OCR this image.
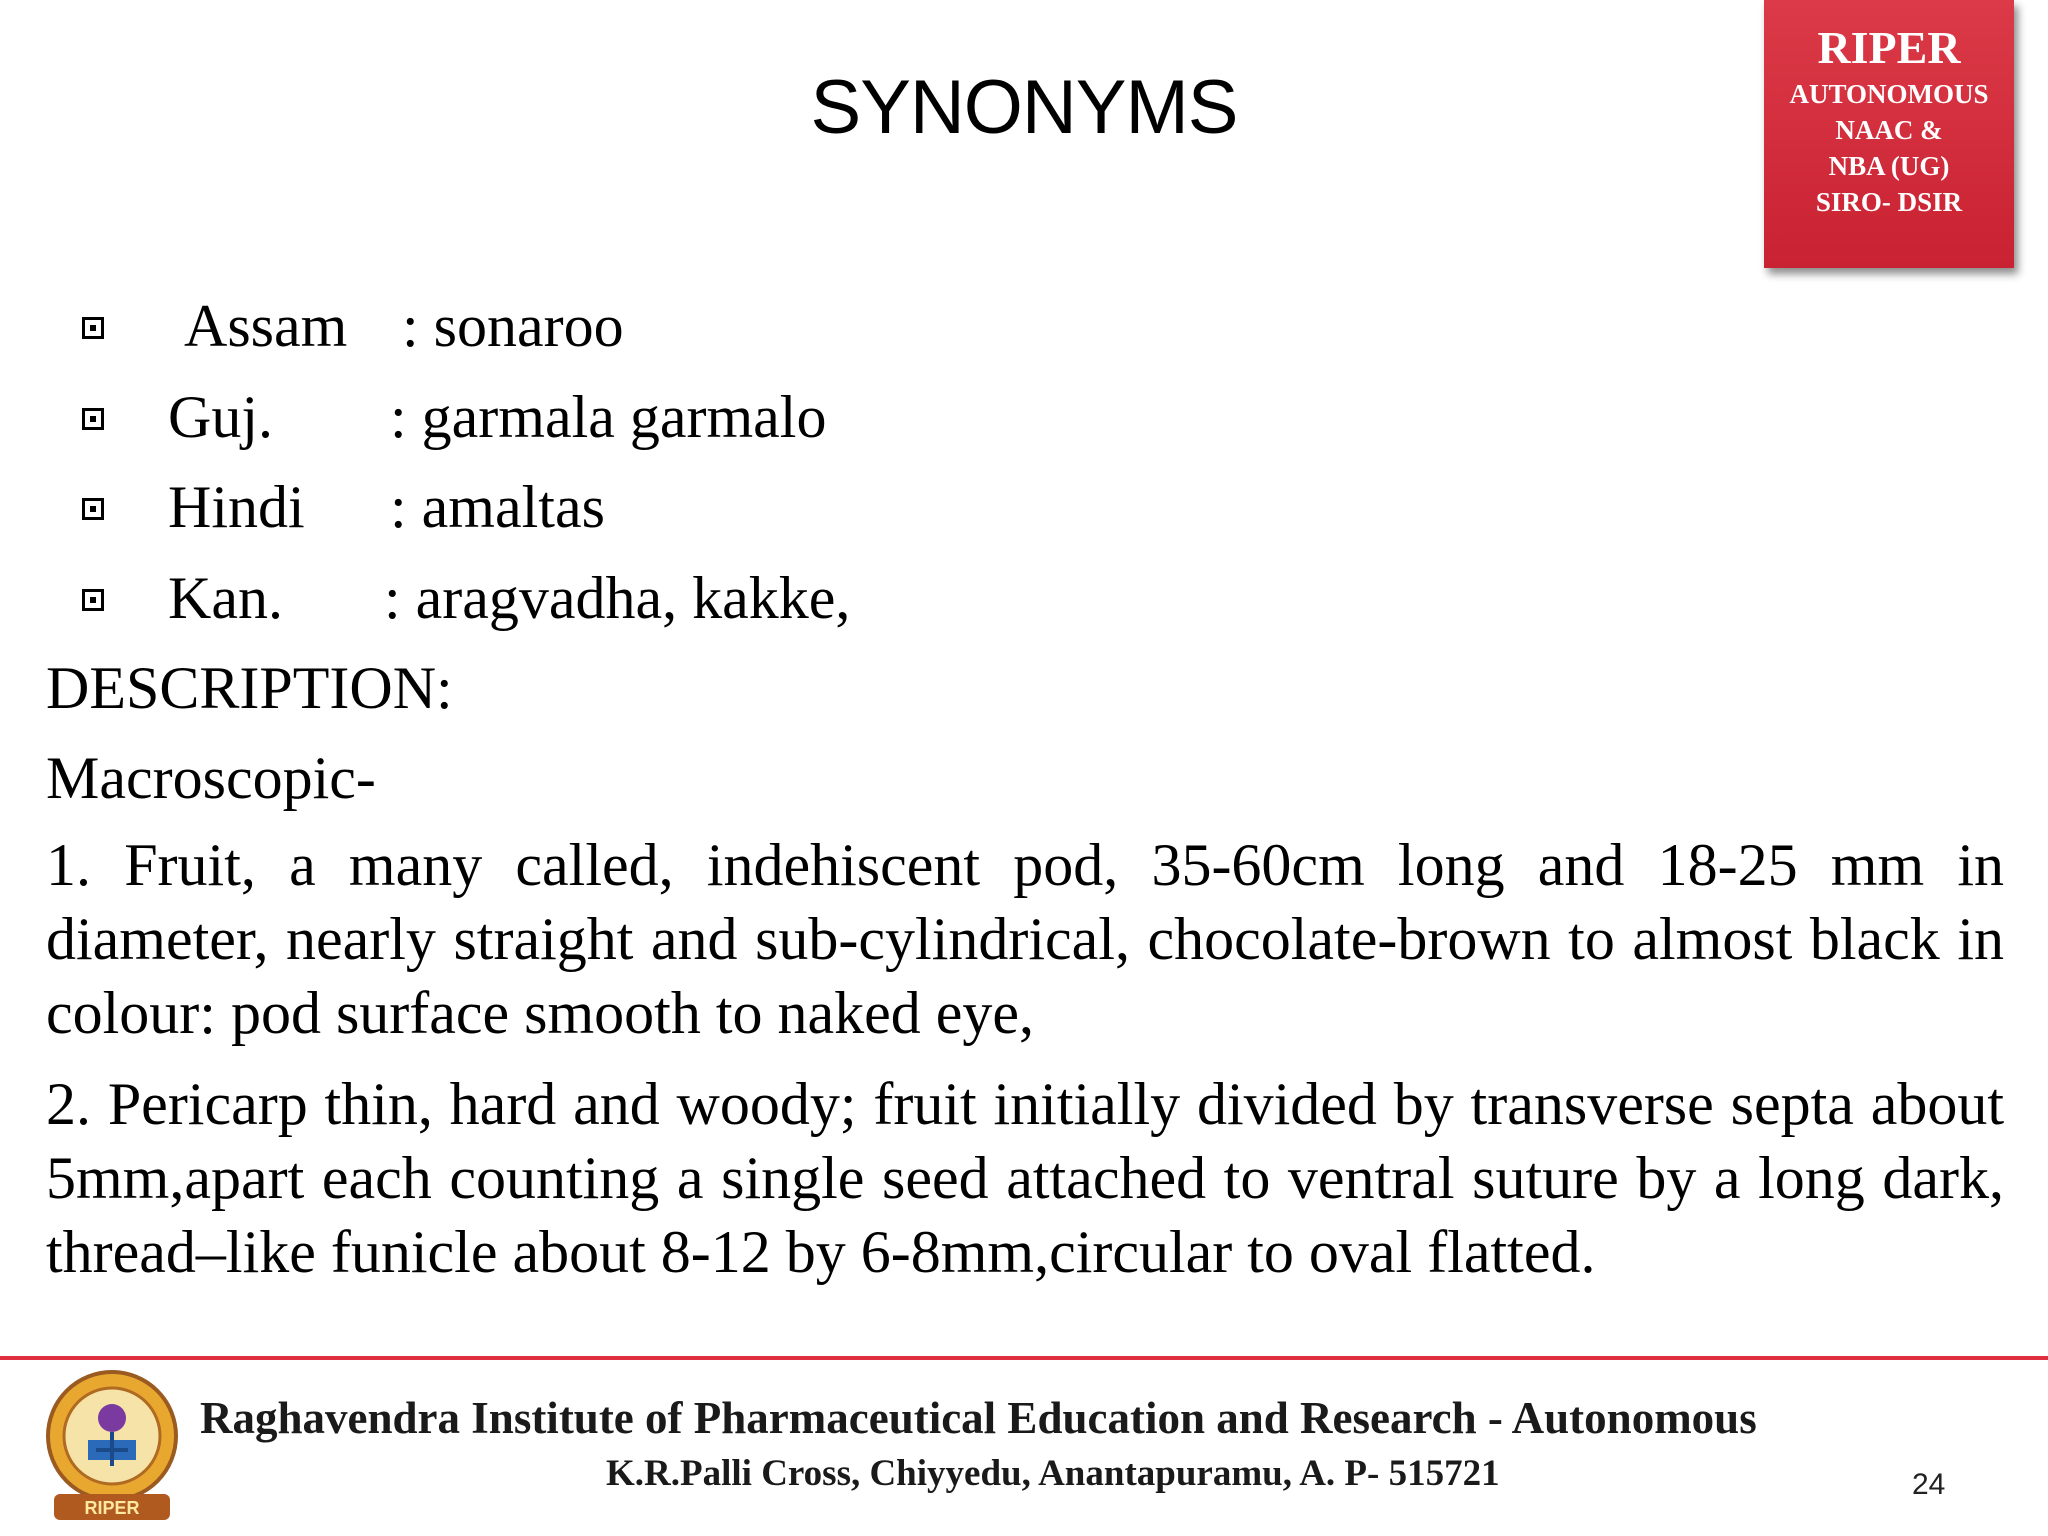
SYNONYMS
RIPER
AUTONOMOUS
NAAC &
NBA (UG)
SIRO- DSIR
Assam : sonaroo
Guj. : garmala garmalo
Hindi : amaltas
Kan. : aragvadha, kakke,
DESCRIPTION:
Macroscopic-
1. Fruit, a many called, indehiscent pod, 35-60cm long and 18-25 mm in diameter, nearly straight and sub-cylindrical, chocolate-brown to almost black in colour: pod surface smooth to naked eye,
2. Pericarp thin, hard and woody; fruit initially divided by transverse septa about 5mm,apart each counting a single seed attached to ventral suture by a long dark, thread–like funicle about 8-12 by 6-8mm,circular to oval flatted.
RIPER
Raghavendra Institute of Pharmaceutical Education and Research - Autonomous
K.R.Palli Cross, Chiyyedu, Anantapuramu, A. P- 515721	24
